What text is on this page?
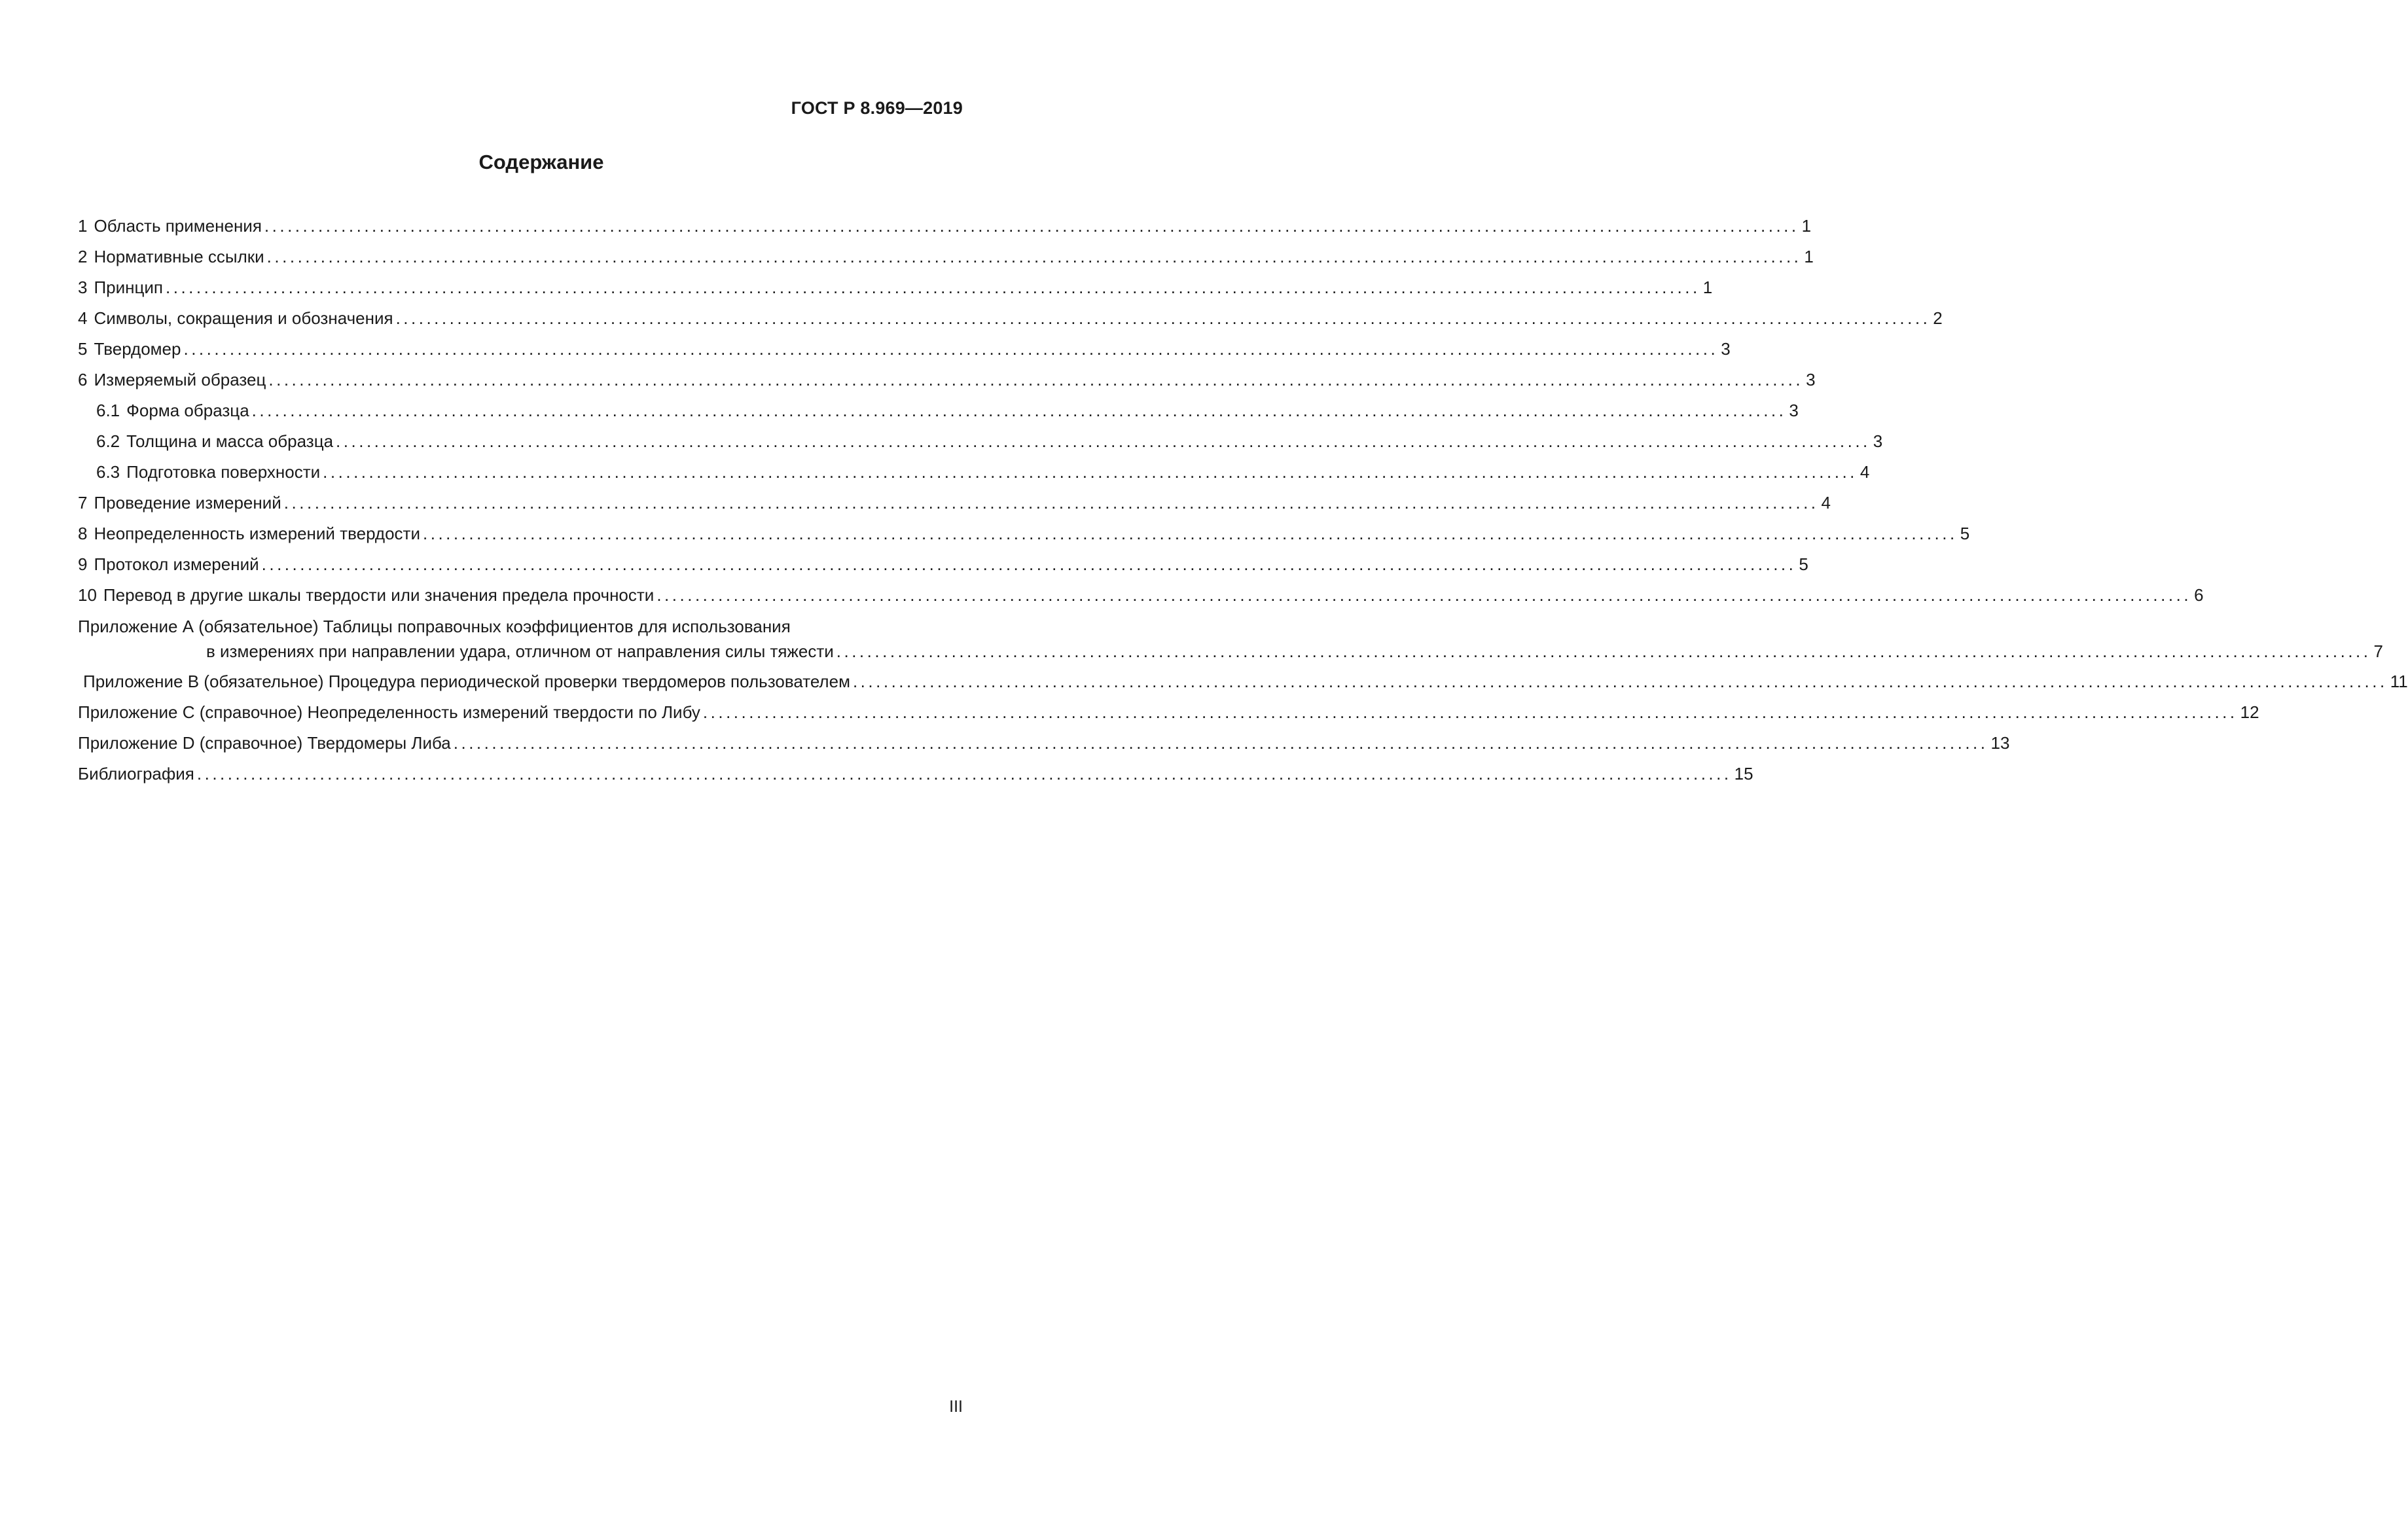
ГОСТ Р 8.969—2019
Содержание
1 Область применения ........................................................................................................................................................................................................ 1
2 Нормативные ссылки ........................................................................................................................................................................................................ 1
3 Принцип ........................................................................................................................................................................................................ 1
4 Символы, сокращения и обозначения ........................................................................................................................................................................................................ 2
5 Твердомер ........................................................................................................................................................................................................ 3
6 Измеряемый образец ........................................................................................................................................................................................................ 3
6.1 Форма образца ........................................................................................................................................................................................................ 3
6.2 Толщина и масса образца ........................................................................................................................................................................................................ 3
6.3 Подготовка поверхности ........................................................................................................................................................................................................ 4
7 Проведение измерений ........................................................................................................................................................................................................ 4
8 Неопределенность измерений твердости ........................................................................................................................................................................................................ 5
9 Протокол измерений ........................................................................................................................................................................................................ 5
10 Перевод в другие шкалы твердости или значения предела прочности ........................................................................................................................................................................................................ 6
Приложение А (обязательное) Таблицы поправочных коэффициентов для использования
в измерениях при направлении удара, отличном от направления силы тяжести ........................................................................................................................................................................................................ 7
Приложение В (обязательное) Процедура периодической проверки твердомеров пользователем ........................................................................................................................................................................................................ 11
Приложение С (справочное) Неопределенность измерений твердости по Либу ........................................................................................................................................................................................................ 12
Приложение D (справочное) Твердомеры Либа ........................................................................................................................................................................................................ 13
Библиография ........................................................................................................................................................................................................ 15
III
